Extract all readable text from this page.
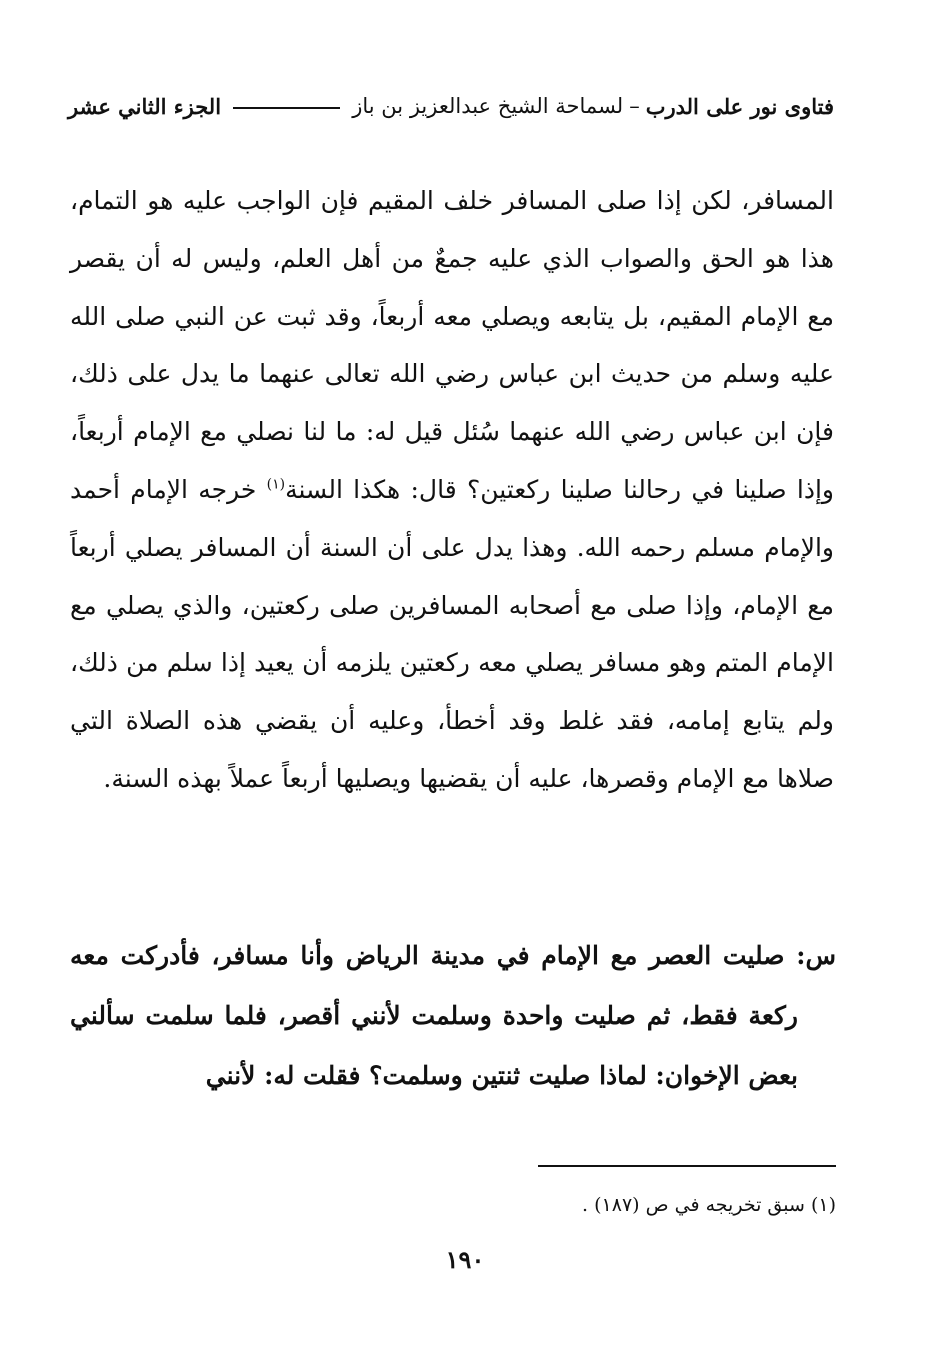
فتاوى نور على الدرب
–
لسماحة الشيخ عبدالعزيز بن باز
الجزء الثاني عشر

المسافر، لكن إذا صلى المسافر خلف المقيم فإن الواجب عليه هو التمام، هذا هو الحق والصواب الذي عليه جمعٌ من أهل العلم، وليس له أن يقصر مع الإمام المقيم، بل يتابعه ويصلي معه أربعاً، وقد ثبت عن النبي صلى الله عليه وسلم من حديث ابن عباس رضي الله تعالى عنهما ما يدل على ذلك، فإن ابن عباس رضي الله عنهما سُئل قيل له: ما لنا نصلي مع الإمام أربعاً، وإذا صلينا في رحالنا صلينا ركعتين؟ قال: هكذا السنة$^{(١)}$ خرجه الإمام أحمد والإمام مسلم رحمه الله. وهذا يدل على أن السنة أن المسافر يصلي أربعاً مع الإمام، وإذا صلى مع أصحابه المسافرين صلى ركعتين، والذي يصلي مع الإمام المتم وهو مسافر يصلي معه ركعتين يلزمه أن يعيد إذا سلم من ذلك، ولم يتابع إمامه، فقد غلط وقد أخطأ، وعليه أن يقضي هذه الصلاة التي صلاها مع الإمام وقصرها، عليه أن يقضيها ويصليها أربعاً عملاً بهذه السنة.

س: صليت العصر مع الإمام في مدينة الرياض وأنا مسافر، فأدركت معه ركعة فقط، ثم صليت واحدة وسلمت لأنني أقصر، فلما سلمت سألني بعض الإخوان: لماذا صليت ثنتين وسلمت؟ فقلت له: لأنني
(١) سبق تخريجه في ص (١٨٧) .
١٩٠
